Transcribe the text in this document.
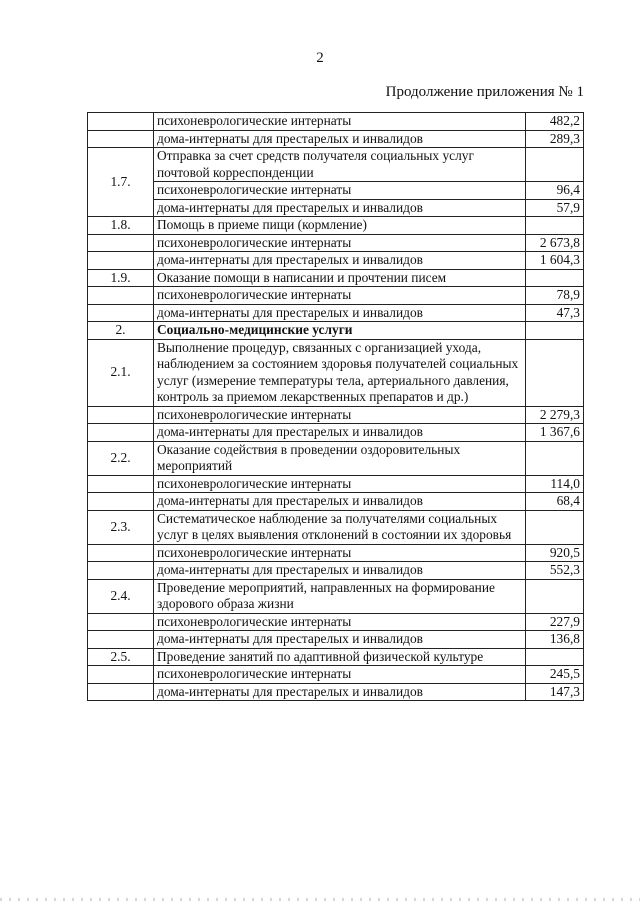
2
Продолжение приложения № 1
	психоневрологические интернаты	482,2
	дома-интернаты для престарелых и инвалидов	289,3
1.7.	Отправка за счет средств получателя социальных услуг почтовой корреспонденции	
	психоневрологические интернаты	96,4
	дома-интернаты для престарелых и инвалидов	57,9
1.8.	Помощь в приеме пищи (кормление)	
	психоневрологические интернаты	2 673,8
	дома-интернаты для престарелых и инвалидов	1 604,3
1.9.	Оказание помощи в написании и прочтении писем	
	психоневрологические интернаты	78,9
	дома-интернаты для престарелых и инвалидов	47,3
2.	Социально-медицинские услуги	
2.1.	Выполнение процедур, связанных с организацией ухода, наблюдением за состоянием здоровья получателей социальных услуг (измерение температуры тела, артериального давления, контроль за приемом лекарственных препаратов и др.)	
	психоневрологические интернаты	2 279,3
	дома-интернаты для престарелых и инвалидов	1 367,6
2.2.	Оказание содействия в проведении оздоровительных мероприятий	
	психоневрологические интернаты	114,0
	дома-интернаты для престарелых и инвалидов	68,4
2.3.	Систематическое наблюдение за получателями социальных услуг в целях выявления отклонений в состоянии их здоровья	
	психоневрологические интернаты	920,5
	дома-интернаты для престарелых и инвалидов	552,3
2.4.	Проведение мероприятий, направленных на формирование здорового образа жизни	
	психоневрологические интернаты	227,9
	дома-интернаты для престарелых и инвалидов	136,8
2.5.	Проведение занятий по адаптивной физической культуре	
	психоневрологические интернаты	245,5
	дома-интернаты для престарелых и инвалидов	147,3
